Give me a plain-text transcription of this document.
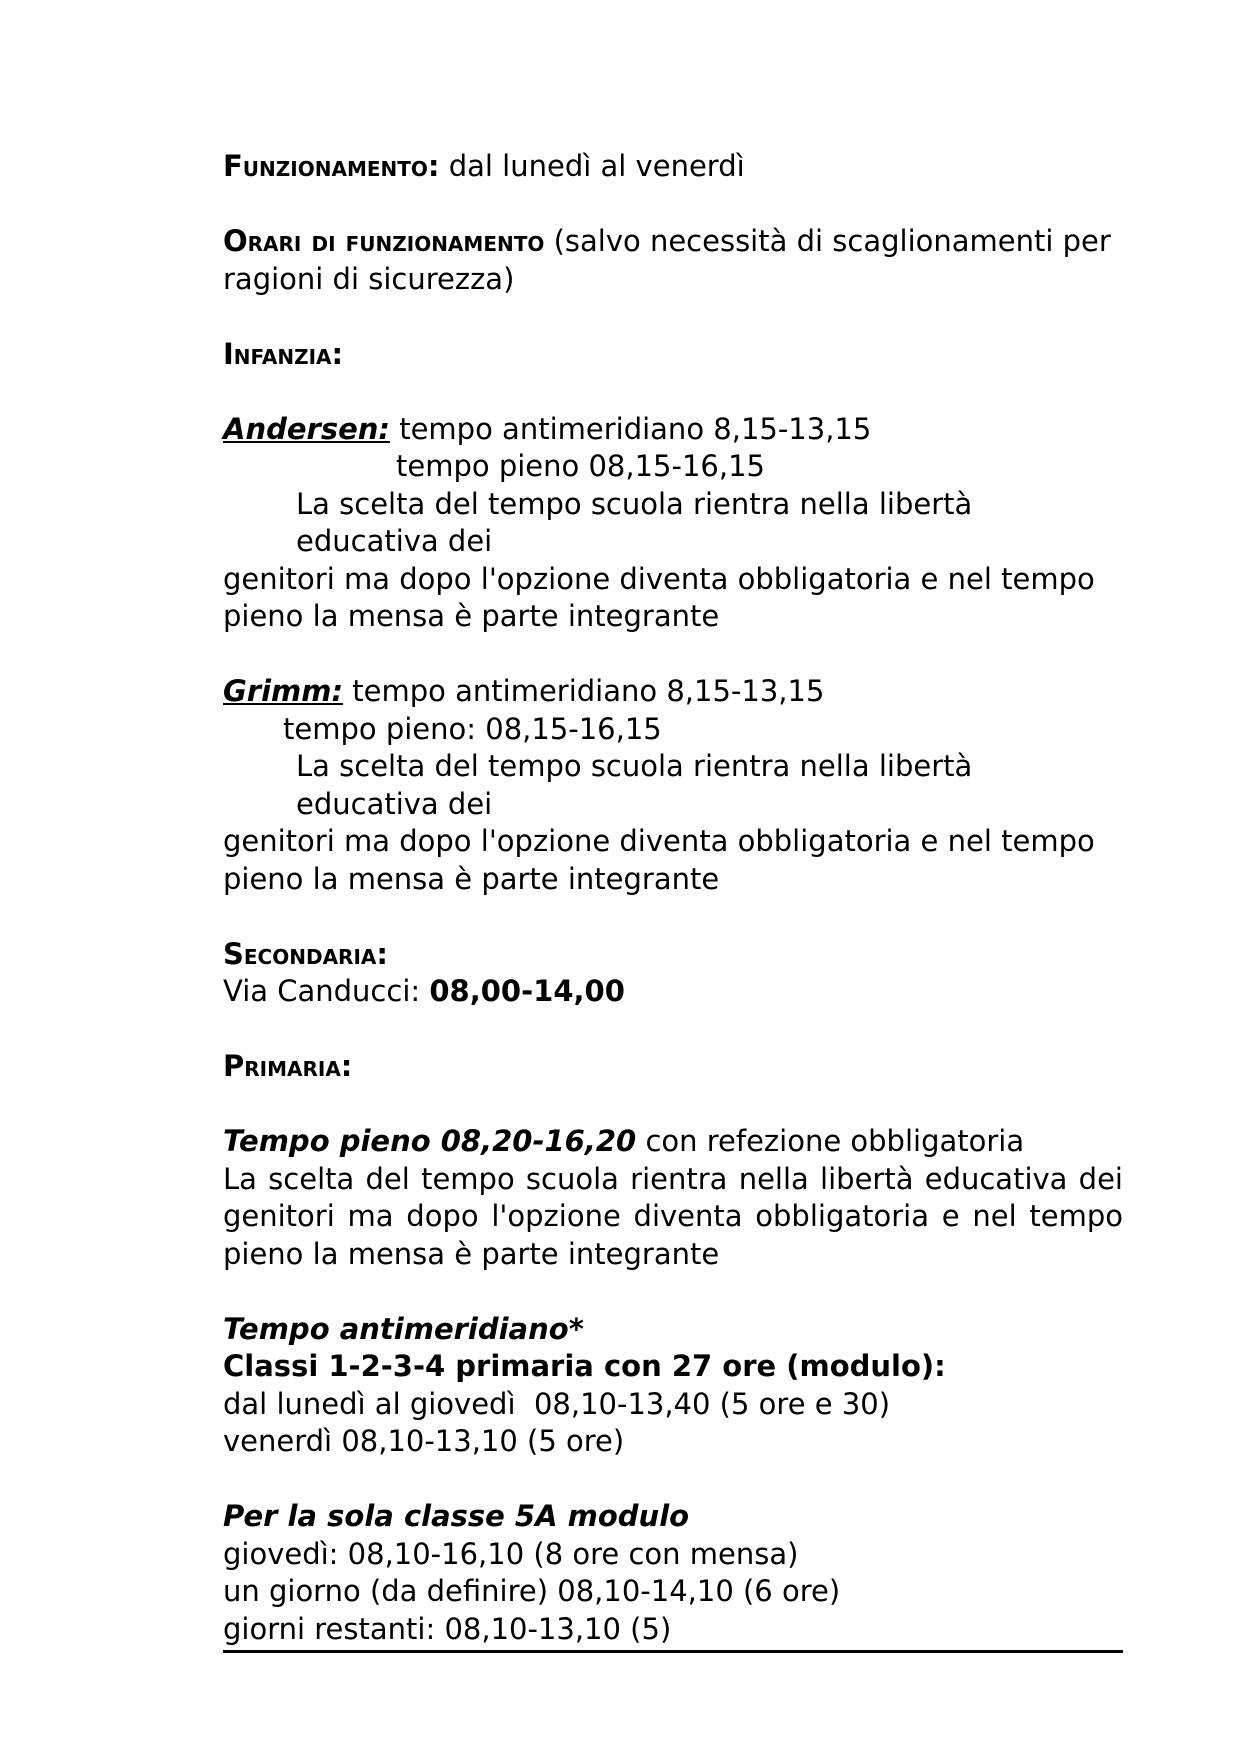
Funzionamento: dal lunedì al venerdì

Orari di funzionamento (salvo necessità di scaglionamenti per ragioni di sicurezza)

Infanzia:

Andersen: tempo antimeridiano 8,15-13,15

tempo pieno 08,15-16,15

La scelta del tempo scuola rientra nella libertà educativa dei

genitori ma dopo l'opzione diventa obbligatoria e nel tempo

pieno la mensa è parte integrante

Grimm: tempo antimeridiano 8,15-13,15

tempo pieno: 08,15-16,15

La scelta del tempo scuola rientra nella libertà educativa dei

genitori ma dopo l'opzione diventa obbligatoria e nel tempo

pieno la mensa è parte integrante

Secondaria:

Via Canducci: 08,00-14,00

Primaria:

Tempo pieno 08,20-16,20 con refezione obbligatoria

La scelta del tempo scuola rientra nella libertà educativa dei genitori ma dopo l'opzione diventa obbligatoria e nel tempo pieno la mensa è parte integrante

Tempo antimeridiano*

Classi 1-2-3-4 primaria con 27 ore (modulo):

dal lunedì al giovedì  08,10-13,40 (5 ore e 30)

venerdì 08,10-13,10 (5 ore)

Per la sola classe 5A modulo

giovedì: 08,10-16,10 (8 ore con mensa)

un giorno (da definire) 08,10-14,10 (6 ore)

giorni restanti: 08,10-13,10 (5)
